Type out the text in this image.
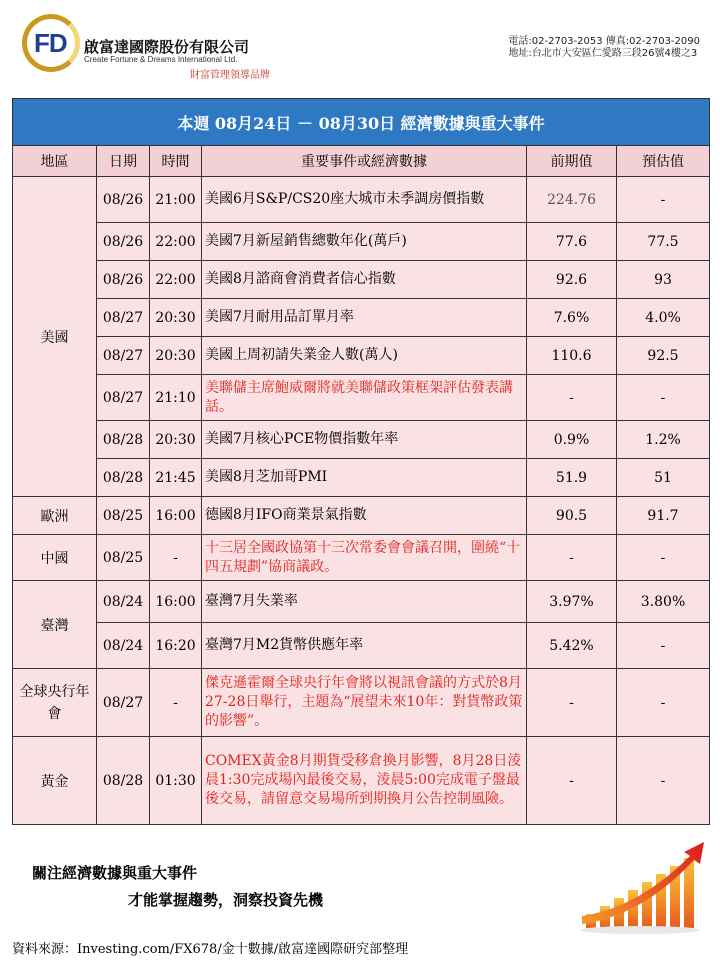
FD 啟富達國際股份有限公司
Create Fortune & Dreams International Ltd.
財富管理領導品牌
電話:02-2703-2053 傳真:02-2703-2090
地址:台北市大安區仁愛路三段26號4樓之3
本週 08月24日 － 08月30日 經濟數據與重大事件					
地區	日期	時間	重要事件或經濟數據	前期值	預估值
美國	08/26	21:00	美國6月S&P/CS20座大城市未季調房價指數	224.76	-
	08/26	22:00	美國7月新屋銷售總數年化(萬戶)	77.6	77.5
	08/26	22:00	美國8月諮商會消費者信心指數	92.6	93
	08/27	20:30	美國7月耐用品訂單月率	7.6%	4.0%
	08/27	20:30	美國上周初請失業金人數(萬人)	110.6	92.5
	08/27	21:10	美聯儲主席鮑威爾將就美聯儲政策框架評估發表講話。	-	-
	08/28	20:30	美國7月核心PCE物價指數年率	0.9%	1.2%
	08/28	21:45	美國8月芝加哥PMI	51.9	51
歐洲	08/25	16:00	德國8月IFO商業景氣指數	90.5	91.7
中國	08/25	-	十三居全國政協第十三次常委會會議召開，圍繞“十四五規劃”協商議政。	-	-
臺灣	08/24	16:00	臺灣7月失業率	3.97%	3.80%
	08/24	16:20	臺灣7月M2貨幣供應年率	5.42%	-
全球央行年會	08/27	-	傑克遜霍爾全球央行年會將以視訊會議的方式於8月27-28日舉行，主題為“展望未來10年：對貨幣政策的影響”。	-	-
黃金	08/28	01:30	COMEX黃金8月期貨受移倉換月影響，8月28日淩晨1:30完成場內最後交易，淩晨5:00完成電子盤最後交易，請留意交易場所到期換月公告控制風險。	-	-
關注經濟數據與重大事件
才能掌握趨勢，洞察投資先機
資料來源：Investing.com/FX678/金十數據/啟富達國際研究部整理
